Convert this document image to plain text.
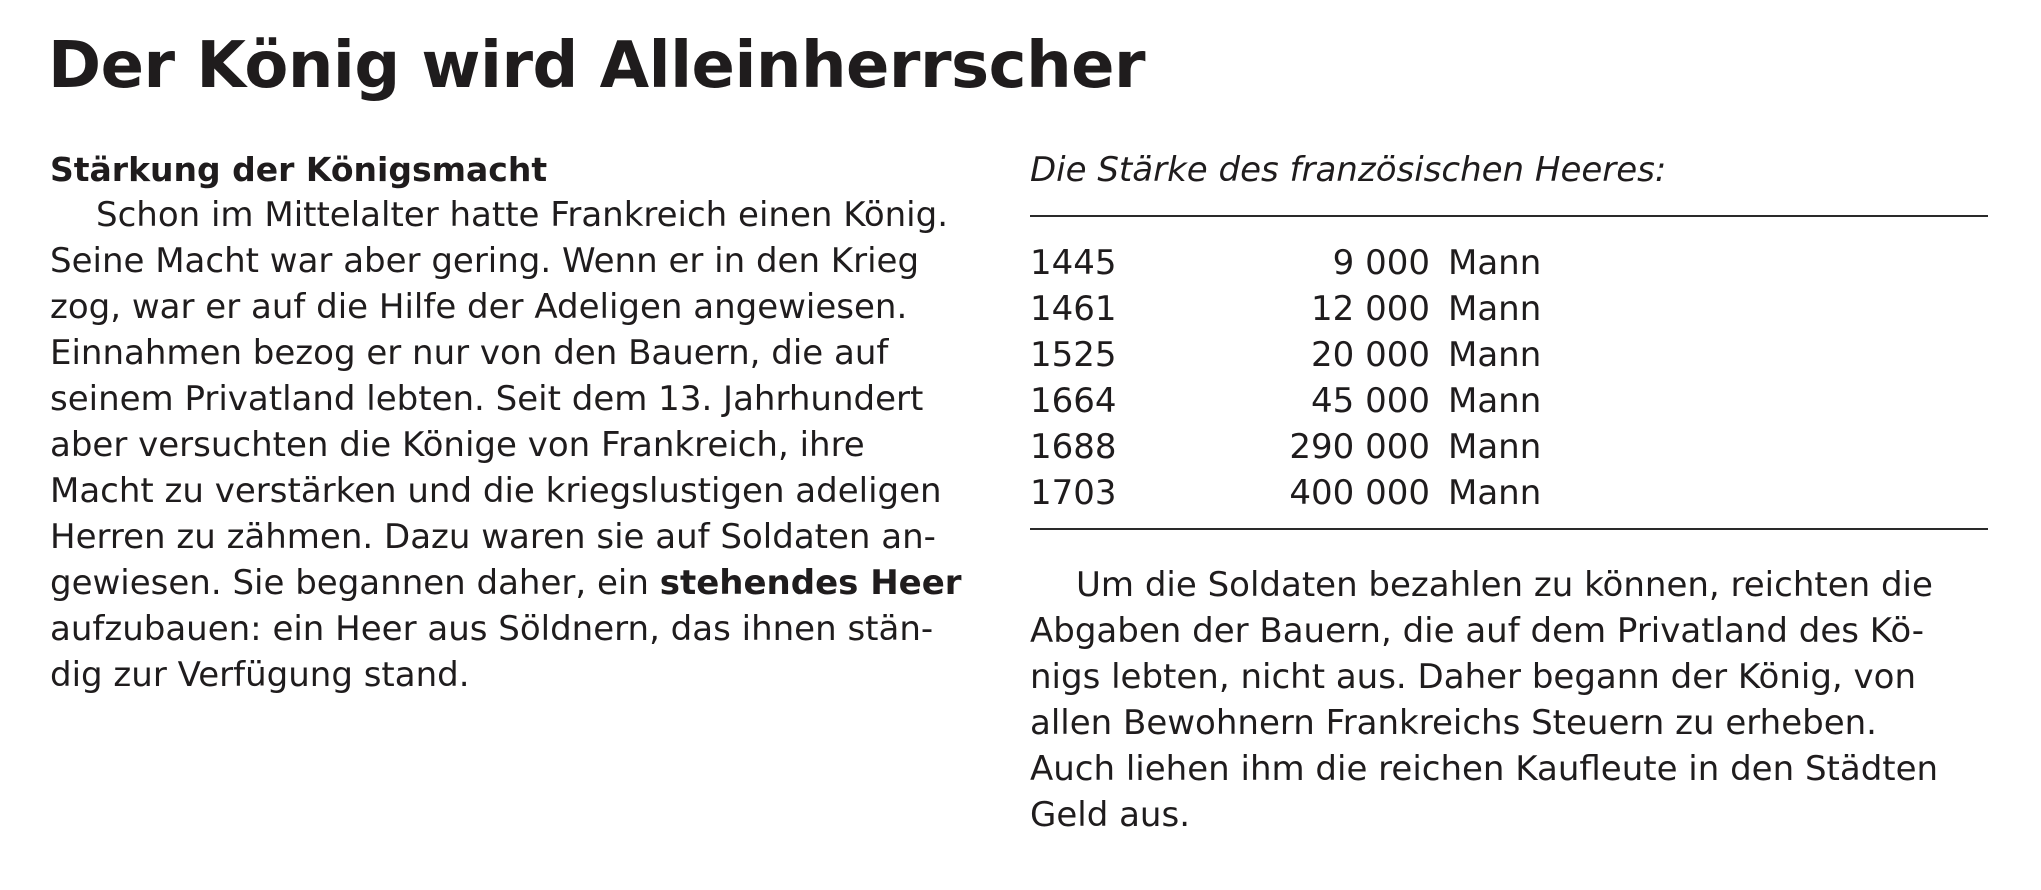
Der König wird Alleinherrscher
Stärkung der Königsmacht
Schon im Mittelalter hatte Frankreich einen König.
Seine Macht war aber gering. Wenn er in den Krieg
zog, war er auf die Hilfe der Adeligen angewiesen.
Einnahmen bezog er nur von den Bauern, die auf
seinem Privatland lebten. Seit dem 13. Jahrhundert
aber versuchten die Könige von Frankreich, ihre
Macht zu verstärken und die kriegslustigen adeligen
Herren zu zähmen. Dazu waren sie auf Soldaten an-
gewiesen. Sie begannen daher, ein stehendes Heer
aufzubauen: ein Heer aus Söldnern, das ihnen stän-
dig zur Verfügung stand.
Die Stärke des französischen Heeres:
1445	9 000 Mann
1461	12 000 Mann
1525	20 000 Mann
1664	45 000 Mann
1688	290 000 Mann
1703	400 000 Mann
Um die Soldaten bezahlen zu können, reichten die
Abgaben der Bauern, die auf dem Privatland des Kö-
nigs lebten, nicht aus. Daher begann der König, von
allen Bewohnern Frankreichs Steuern zu erheben.
Auch liehen ihm die reichen Kaufleute in den Städten
Geld aus.
